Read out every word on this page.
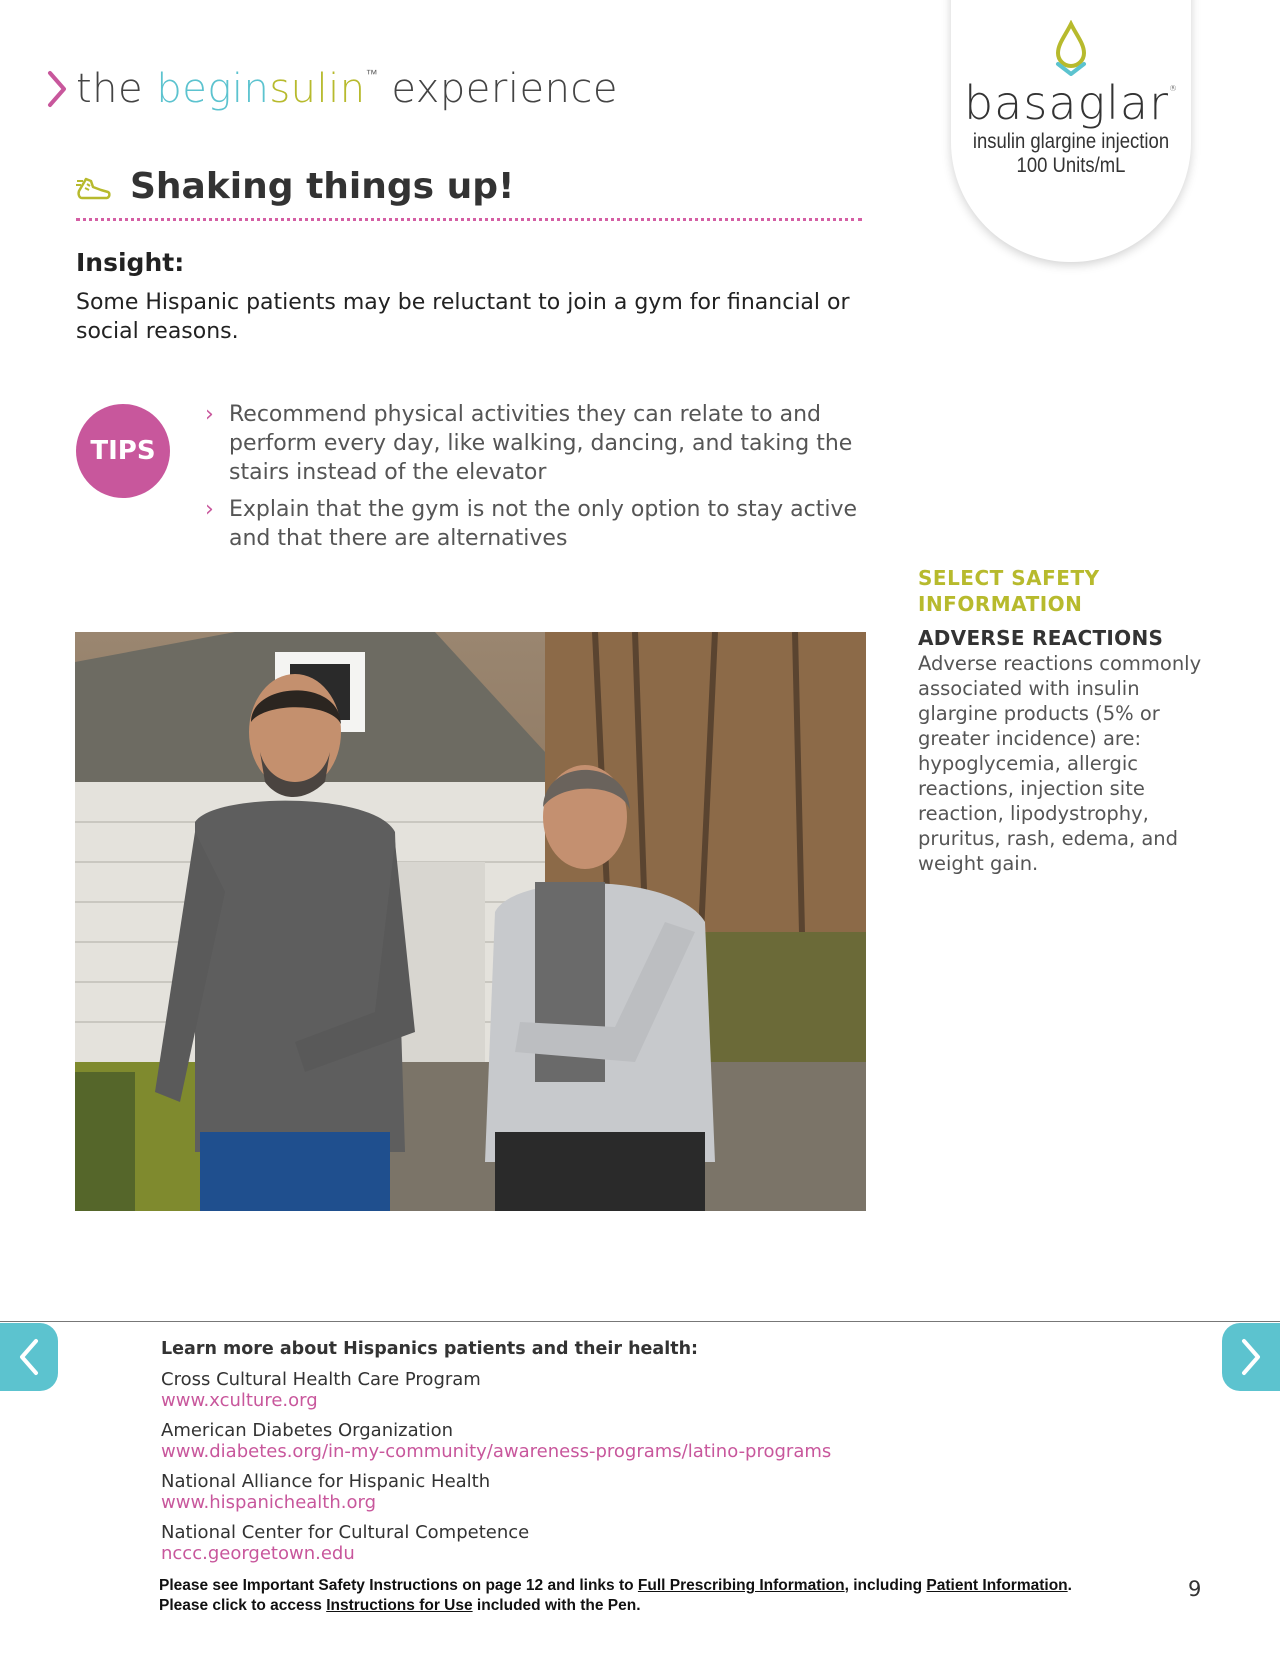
the beginsulin™ experience	basaglar®
insulin glargine injection
100 Units/mL
Shaking things up!
Insight:
Some Hispanic patients may be reluctant to join a gym for financial or social reasons.
TIPS
› Recommend physical activities they can relate to and perform every day, like walking, dancing, and taking the stairs instead of the elevator
› Explain that the gym is not the only option to stay active and that there are alternatives
SELECT SAFETY INFORMATION
ADVERSE REACTIONS
Adverse reactions commonly associated with insulin glargine products (5% or greater incidence) are:
hypoglycemia, allergic reactions, injection site reaction, lipodystrophy, pruritus, rash, edema, and weight gain.
Learn more about Hispanics patients and their health:
Cross Cultural Health Care Program
www.xculture.org
American Diabetes Organization
www.diabetes.org/in-my-community/awareness-programs/latino-programs
National Alliance for Hispanic Health
www.hispanichealth.org
National Center for Cultural Competence
nccc.georgetown.edu
Please see Important Safety Instructions on page 12 and links to Full Prescribing Information, including Patient Information.
Please click to access Instructions for Use included with the Pen.
9
